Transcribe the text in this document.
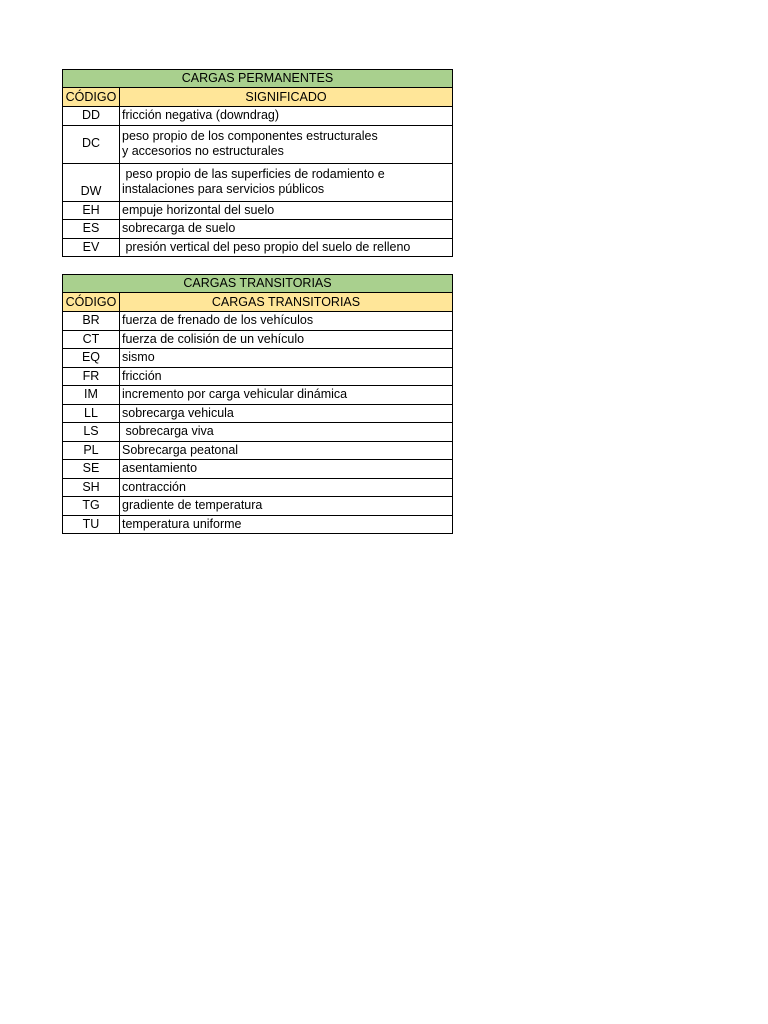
CARGAS PERMANENTES	
CÓDIGO	SIGNIFICADO
DD	fricción negativa (downdrag)
DC	peso propio de los componentes estructurales
y accesorios no estructurales
DW	peso propio de las superficies de rodamiento e
instalaciones para servicios públicos
EH	empuje horizontal del suelo
ES	sobrecarga de suelo
EV	presión vertical del peso propio del suelo de relleno
CARGAS TRANSITORIAS	
CÓDIGO	CARGAS TRANSITORIAS
BR	fuerza de frenado de los vehículos
CT	fuerza de colisión de un vehículo
EQ	sismo
FR	fricción
IM	incremento por carga vehicular dinámica
LL	sobrecarga vehicula
LS	sobrecarga viva
PL	Sobrecarga peatonal
SE	asentamiento
SH	contracción
TG	gradiente de temperatura
TU	temperatura uniforme
